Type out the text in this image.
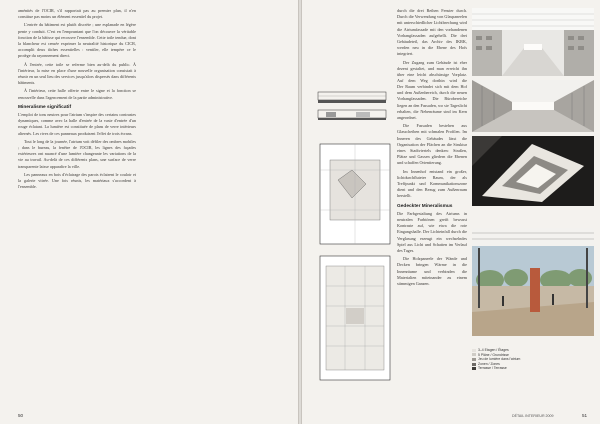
aménités de l'OCIR, s'il rapportait pas au premier plan, il n'en constitue pas moins un élément essentiel du projet.

L'entrée du bâtiment est plutôt discrète ; une esplanade en légère pente y conduit. C'est en l'empruntant que l'on découvre la véritable fonction de la bâtisse qui recouvre l'ensemble. Cette toile tendue, dont la blancheur est censée exprimer la neutralité historique du CICR, accomplit deux tâches essentielles : ventiler, elle tempère ce le protège du rayonnement direct.

À l'entrée, cette toile se referme bien au-delà du public. À l'intérieur, la mise en place d'une nouvelle organisation consistait à réunir en un seul lieu des services jusqu'alors dispersés dans différents bâtiments.

À l'intérieur, cette halle offerte entre le signe et la fonction se renouvelle dans l'agencement de la partie administrative.

Mineralisme significatif

L'emploi de tons neutres pour l'atrium s'inspire des certains contrastes dynamiques, comme avec la halle d'entrée de la vaste d'entrée d'un rouge éclatant. La lumière est constituée de plans de verre intérieurs alternés. Les rives de ces panneaux produisent l'effet de trois écrans.

Tout le long de la journée, l'atrium voit défiler des ombres mobiles ; dans le bureau, la fenêtre de l'OCIR, les lignes des façades extérieures ont nuancé d'une lumière changeante les variations de la vie au travail. Au-delà de ces différents plans, une surface de verre transparente laisse apparaître la ville.

Les panneaux en bois d'éclairage des parois éclairent le couloir et la galerie vitrée. Une fois réunis, les matériaux s'accordent à l'ensemble.

50

durch die drei Reihen Fenster durch. Durch die Verwendung von Glaspaneelen mit unterschiedlicher Lichtbrechung wird die Atriumfassade mit den vorhandenen Vorhangfassaden aufgehellt. Die drei Gebäudeteil, das Archiv des IKRK, werden neu in die Ebene des Hofs integriert.

Der Zugang zum Gebäude ist eher dezent gestaltet, und man erreicht ihn über eine leicht abschüssige Vorplatz. Auf dem Weg dorthin wird die

Der Raum verbindet sich mit dem Hof und dem Außenbereich, durch die neuen Vorhangfassaden. Die Bürobereiche liegen an den Fassaden, wo sie Tageslicht erhalten, die Nebenräume sind im Kern angeordnet.

Die Fassaden bestehen aus Glasscheiben mit schmalen Profilen. Im Inneren des Gebäudes lässt die Organisation der Flächen an die Struktur eines Stadtviertels denken: Straßen, Plätze und Gassen gliedern die Ebenen und schaffen Orientierung.

Im Innenhof entstand ein großer, lichtdurchfluteter Raum, der als Treffpunkt und Kommunikationszone dient und den Bezug zum Außenraum herstellt.

Gedeckter Mineralismus

Die Farbgestaltung des Atriums in neutralen Farbtönen greift bewusst Kontraste auf, wie etwa die rote Eingangshalle. Der Lichteinfall durch die Verglasung erzeugt ein wechselndes Spiel aus Licht und Schatten im Verlauf des Tages.

Die Holzpaneele der Wände und Decken bringen Wärme in die Innenräume und verbinden die Materialien miteinander zu einem stimmigen Ganzen.

3–4 Etagen / Étages
5 Pläne / Grundrisse
Jeu de lumière dans l'atrium
Zonen / Zones
Terrasse / Terrasse
DÉTAIL INTERIEUR 2009	51
